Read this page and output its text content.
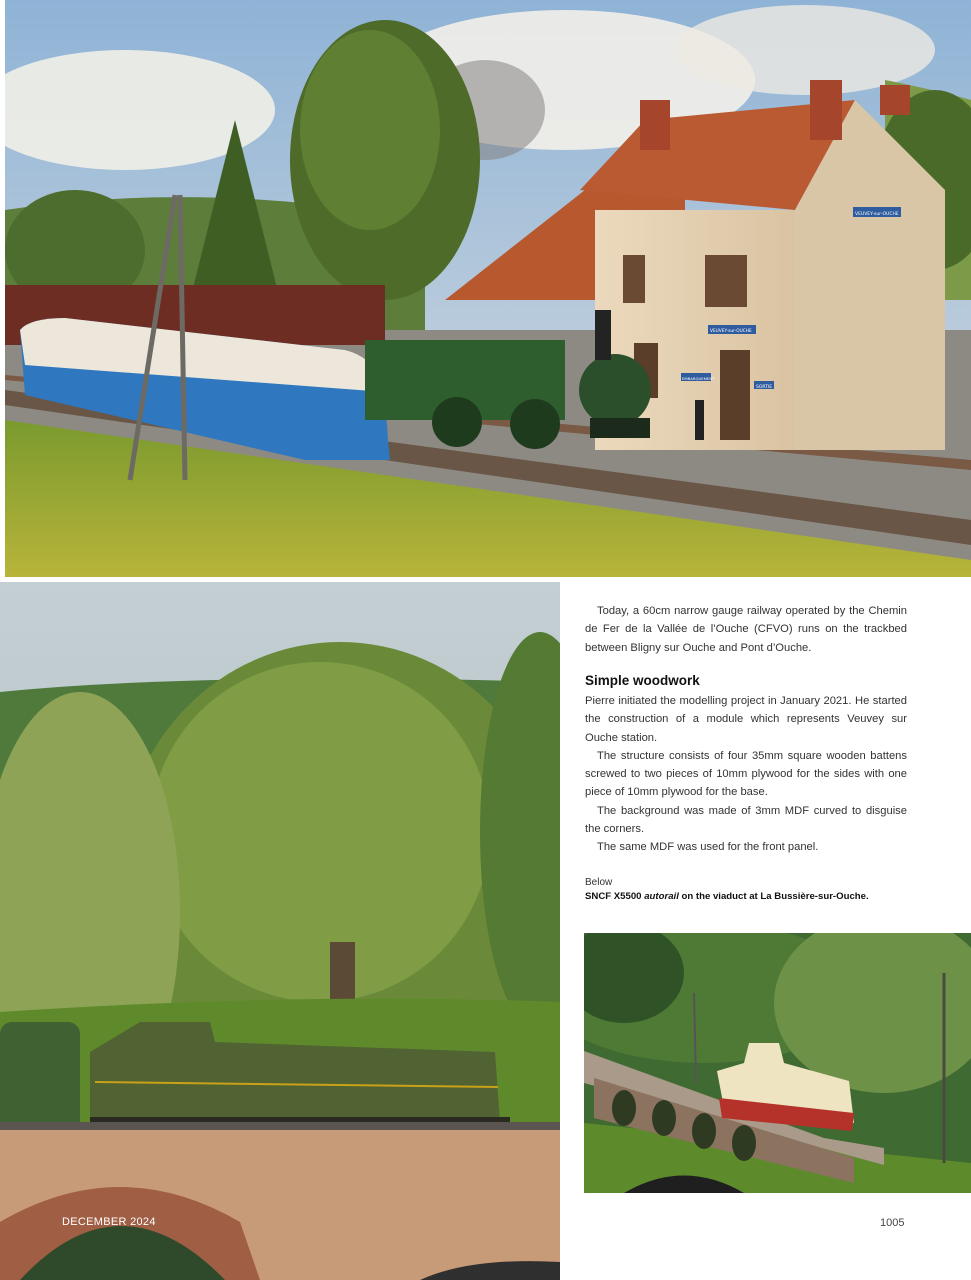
VEUVEY-sur-OUCHE
VEUVEY-sur-OUCHE
EMBARQUEMENT
SORTIE

Today, a 60cm narrow gauge railway operated by the Chemin de Fer de la Vallée de l’Ouche (CFVO) runs on the trackbed between Bligny sur Ouche and Pont d’Ouche.

Simple woodwork

Pierre initiated the modelling project in January 2021. He started the construction of a module which represents Veuvey sur Ouche station.

The structure consists of four 35mm square wooden battens screwed to two pieces of 10mm plywood for the sides with one piece of 10mm plywood for the base.

The background was made of 3mm MDF curved to disguise the corners.

The same MDF was used for the front panel.

Below
SNCF X5500 autorail on the viaduct at La Bussière-sur-Ouche.
DECEMBER 2024	1005
